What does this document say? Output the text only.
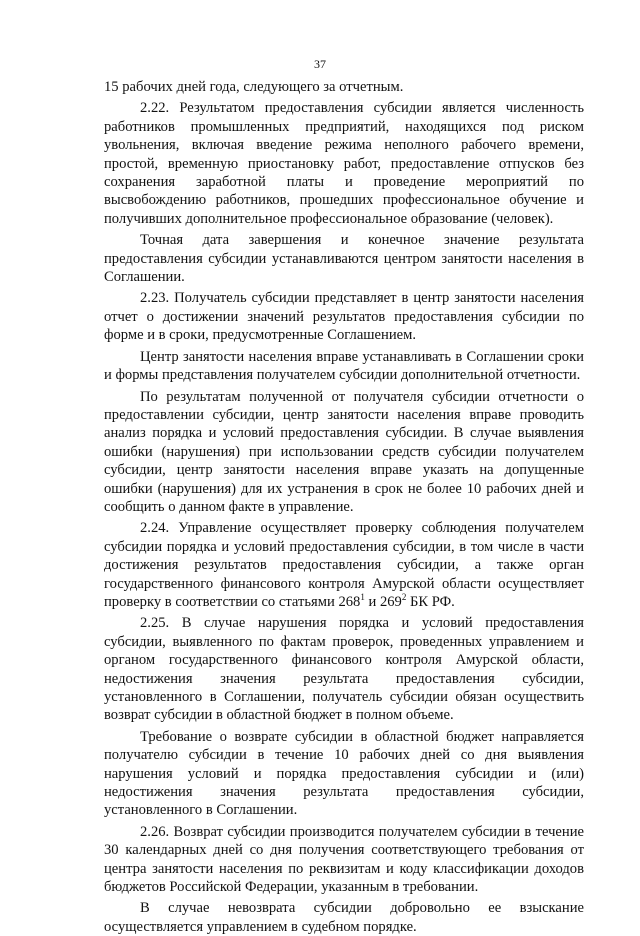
37

15 рабочих дней года, следующего за отчетным.

2.22. Результатом предоставления субсидии является численность работников промышленных предприятий, находящихся под риском увольнения, включая введение режима неполного рабочего времени, простой, временную приостановку работ, предоставление отпусков без сохранения заработной платы и проведение мероприятий по высвобождению работников, прошедших профессиональное обучение и получивших дополнительное профессиональное образование (человек).

Точная дата завершения и конечное значение результата предоставления субсидии устанавливаются центром занятости населения в Соглашении.

2.23. Получатель субсидии представляет в центр занятости населения отчет о достижении значений результатов предоставления субсидии по форме и в сроки, предусмотренные Соглашением.

Центр занятости населения вправе устанавливать в Соглашении сроки и формы представления получателем субсидии дополнительной отчетности.

По результатам полученной от получателя субсидии отчетности о предоставлении субсидии, центр занятости населения вправе проводить анализ порядка и условий предоставления субсидии. В случае выявления ошибки (нарушения) при использовании средств субсидии получателем субсидии, центр занятости населения вправе указать на допущенные ошибки (нарушения) для их устранения в срок не более 10 рабочих дней и сообщить о данном факте в управление.

2.24. Управление осуществляет проверку соблюдения получателем субсидии порядка и условий предоставления субсидии, в том числе в части достижения результатов предоставления субсидии, а также орган государственного финансового контроля Амурской области осуществляет проверку в соответствии со статьями $268^1$ и $269^2$ БК РФ.

2.25. В случае нарушения порядка и условий предоставления субсидии, выявленного по фактам проверок, проведенных управлением и органом государственного финансового контроля Амурской области, недостижения значения результата предоставления субсидии, установленного в Соглашении, получатель субсидии обязан осуществить возврат субсидии в областной бюджет в полном объеме.

Требование о возврате субсидии в областной бюджет направляется получателю субсидии в течение 10 рабочих дней со дня выявления нарушения условий и порядка предоставления субсидии и (или) недостижения значения результата предоставления субсидии, установленного в Соглашении.

2.26. Возврат субсидии производится получателем субсидии в течение 30 календарных дней со дня получения соответствующего требования от центра занятости населения по реквизитам и коду классификации доходов бюджетов Российской Федерации, указанным в требовании.

В случае невозврата субсидии добровольно ее взыскание осуществляется управлением в судебном порядке.
